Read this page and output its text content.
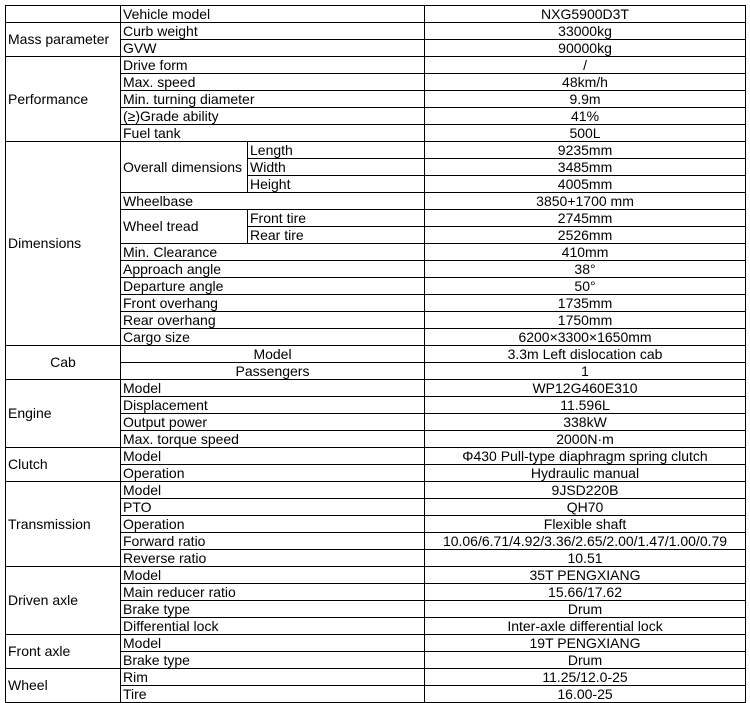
	Vehicle model		NXG5900D3T
Mass parameter	Curb weight		33000kg
	GVW		90000kg
Performance	Drive form		/
	Max. speed		48km/h
	Min. turning diameter		9.9m
	(≥)Grade ability		41%
	Fuel tank		500L
Dimensions	Overall dimensions	Length	9235mm
		Width	3485mm
		Height	4005mm
	Wheelbase		3850+1700 mm
	Wheel tread	Front tire	2745mm
		Rear tire	2526mm
	Min. Clearance		410mm
	Approach angle		38°
	Departure angle		50°
	Front overhang		1735mm
	Rear overhang		1750mm
	Cargo size		6200×3300×1650mm
Cab	Model		3.3m Left dislocation cab
	Passengers		1
Engine	Model		WP12G460E310
	Displacement		11.596L
	Output power		338kW
	Max. torque speed		2000N·m
Clutch	Model		Φ430 Pull-type diaphragm spring clutch
	Operation		Hydraulic manual
Transmission	Model		9JSD220B
	PTO		QH70
	Operation		Flexible shaft
	Forward ratio		10.06/6.71/4.92/3.36/2.65/2.00/1.47/1.00/0.79
	Reverse ratio		10.51
Driven axle	Model		35T PENGXIANG
	Main reducer ratio		15.66/17.62
	Brake type		Drum
	Differential lock		Inter-axle differential lock
Front axle	Model		19T PENGXIANG
	Brake type		Drum
Wheel	Rim		11.25/12.0-25
	Tire		16.00-25
